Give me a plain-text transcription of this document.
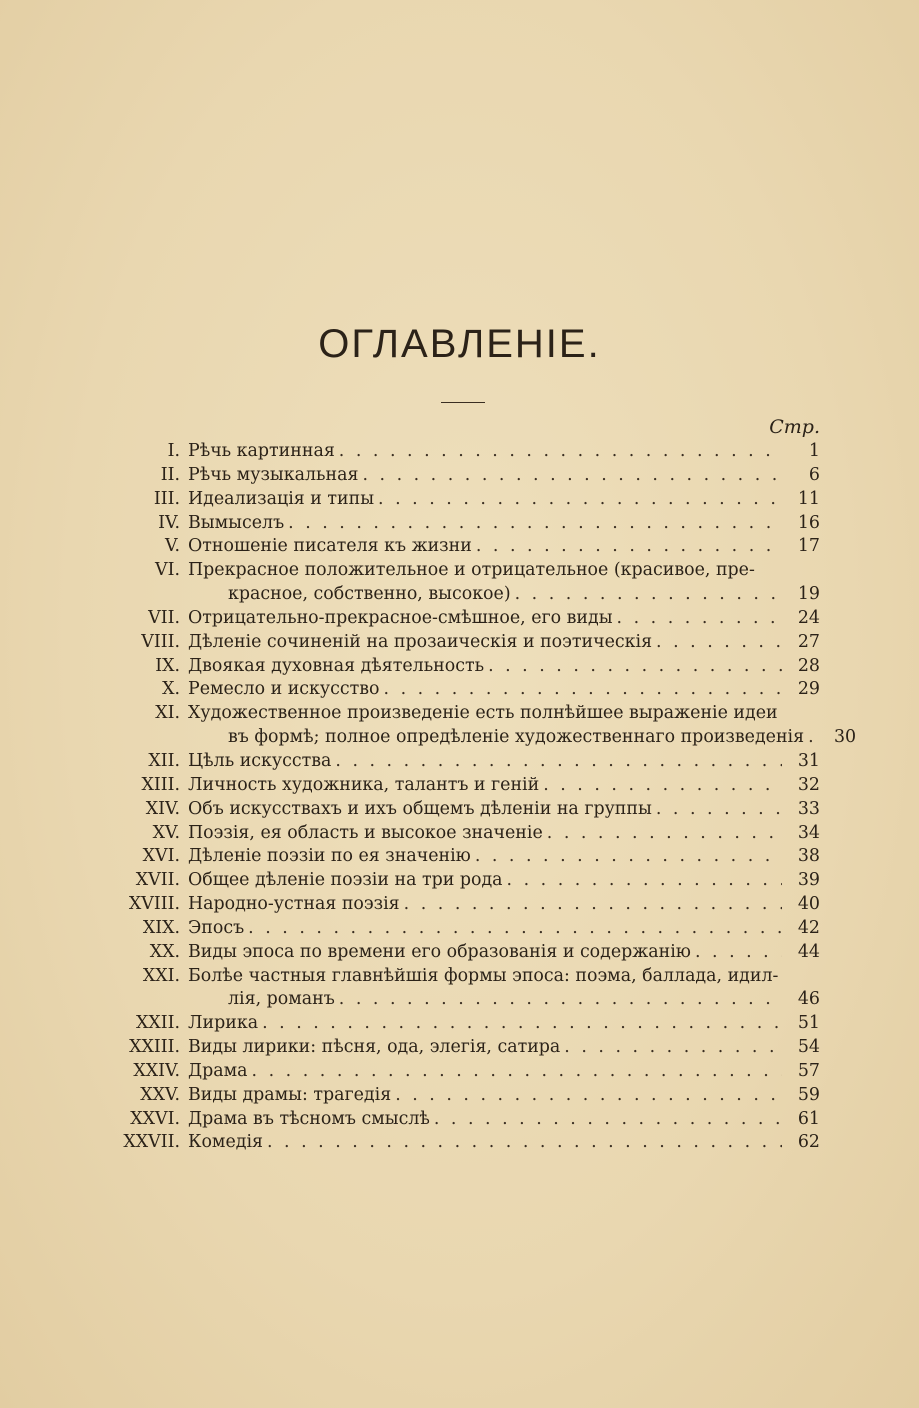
ОГЛАВЛЕНІЕ.
Стр.
I. Рѣчь картинная . . .	1
II. Рѣчь музыкальная . . .	6
III. Идеализація и типы . . .	11
IV. Вымыселъ . . .	16
V. Отношеніе писателя къ жизни . . .	17
VI. Прекрасное положительное и отрицательное (красивое, пре-
красное, собственно, высокое) . . .	19
VII. Отрицательно-прекрасное-смѣшное, его виды . . .	24
VIII. Дѣленіе сочиненій на прозаическія и поэтическія . . .	27
IX. Двоякая духовная дѣятельность . . .	28
X. Ремесло и искусство . . .	29
XI. Художественное произведеніе есть полнѣйшее выраженіе идеи
въ формѣ; полное опредѣленіе художественнаго произведенія . . .	30
XII. Цѣль искусства . . .	31
XIII. Личность художника, талантъ и геній . . .	32
XIV. Объ искусствахъ и ихъ общемъ дѣленіи на группы . . .	33
XV. Поэзія, ея область и высокое значеніе . . .	34
XVI. Дѣленіе поэзіи по ея значенію . . .	38
XVII. Общее дѣленіе поэзіи на три рода . . .	39
XVIII. Народно-устная поэзія . . .	40
XIX. Эпосъ . . .	42
XX. Виды эпоса по времени его образованія и содержанію . . .	44
XXI. Болѣе частныя главнѣйшія формы эпоса: поэма, баллада, идил-
лія, романъ . . .	46
XXII. Лирика . . .	51
XXIII. Виды лирики: пѣсня, ода, элегія, сатира . . .	54
XXIV. Драма . . .	57
XXV. Виды драмы: трагедія . . .	59
XXVI. Драма въ тѣсномъ смыслѣ . . .	61
XXVII. Комедія . . .	62
